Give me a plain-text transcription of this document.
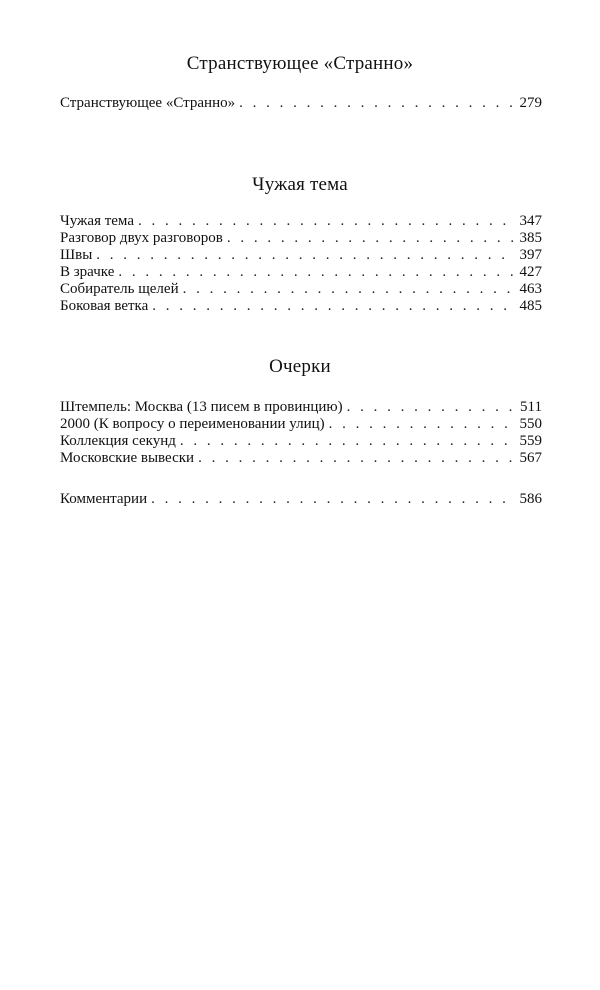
Странствующее «Странно»
Странствующее «Странно» . . .	279
Чужая тема
Чужая тема . . .	347
Разговор двух разговоров . . .	385
Швы . . .	397
В зрачке . . .	427
Собиратель щелей . . .	463
Боковая ветка . . .	485
Очерки
Штемпель: Москва (13 писем в провинцию) . . .	511
2000 (К вопросу о переименовании улиц) . . .	550
Коллекция секунд . . .	559
Московские вывески . . .	567
Комментарии . . .	586
